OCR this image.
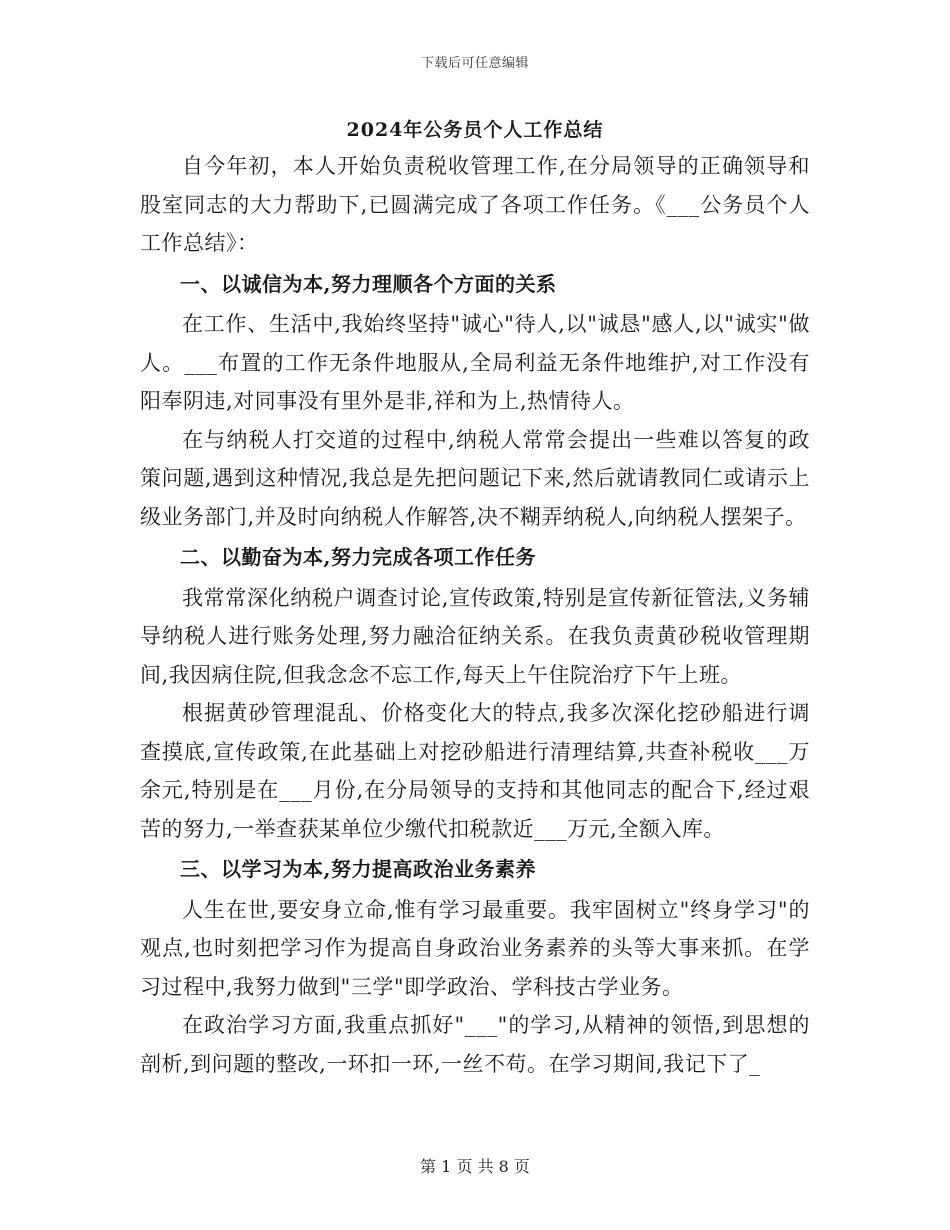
下载后可任意编辑
2024年公务员个人工作总结

自今年初，本人开始负责税收管理工作,在分局领导的正确领导和股室同志的大力帮助下,已圆满完成了各项工作任务。《___公务员个人工作总结》：

一、以诚信为本,努力理顺各个方面的关系

在工作、生活中,我始终坚持"诚心"待人,以"诚恳"感人,以"诚实"做人。___布置的工作无条件地服从,全局利益无条件地维护,对工作没有阳奉阴违,对同事没有里外是非,祥和为上,热情待人。

在与纳税人打交道的过程中,纳税人常常会提出一些难以答复的政策问题,遇到这种情况,我总是先把问题记下来,然后就请教同仁或请示上级业务部门,并及时向纳税人作解答,决不糊弄纳税人,向纳税人摆架子。

二、以勤奋为本,努力完成各项工作任务

我常常深化纳税户调查讨论,宣传政策,特别是宣传新征管法,义务辅导纳税人进行账务处理,努力融洽征纳关系。在我负责黄砂税收管理期间,我因病住院,但我念念不忘工作,每天上午住院治疗下午上班。

根据黄砂管理混乱、价格变化大的特点,我多次深化挖砂船进行调查摸底,宣传政策,在此基础上对挖砂船进行清理结算,共查补税收___万余元,特别是在___月份,在分局领导的支持和其他同志的配合下,经过艰苦的努力,一举查获某单位少缴代扣税款近___万元,全额入库。

三、以学习为本,努力提高政治业务素养

人生在世,要安身立命,惟有学习最重要。我牢固树立"终身学习"的观点,也时刻把学习作为提高自身政治业务素养的头等大事来抓。在学习过程中,我努力做到"三学"即学政治、学科技古学业务。

在政治学习方面,我重点抓好"___"的学习,从精神的领悟,到思想的剖析,到问题的整改,一环扣一环,一丝不苟。在学习期间,我记下了_

第 1 页 共 8 页
